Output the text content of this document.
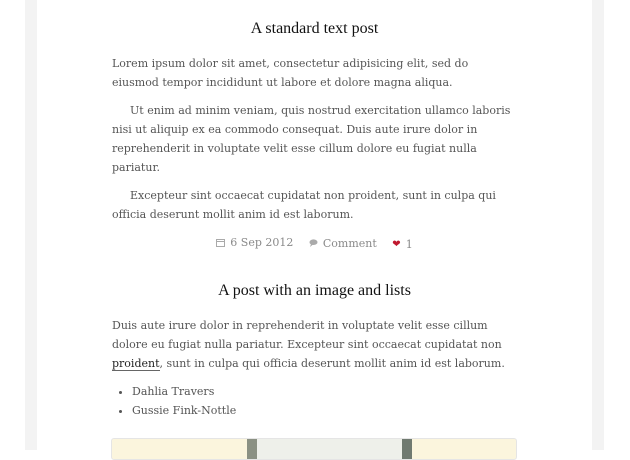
A standard text post

Lorem ipsum dolor sit amet, consectetur adipisicing elit, sed do eiusmod tempor incididunt ut labore et dolore magna aliqua.

Ut enim ad minim veniam, quis nostrud exercitation ullamco laboris nisi ut aliquip ex ea commodo consequat. Duis aute irure dolor in reprehenderit in voluptate velit esse cillum dolore eu fugiat nulla pariatur.

Excepteur sint occaecat cupidatat non proident, sunt in culpa qui officia deserunt mollit anim id est laborum.

6 Sep 2012
	Comment
❤ 1
A post with an image and lists

Duis aute irure dolor in reprehenderit in voluptate velit esse cillum dolore eu fugiat nulla pariatur. Excepteur sint occaecat cupidatat non proident, sunt in culpa qui officia deserunt mollit anim id est laborum.

• Dahlia Travers
• Gussie Fink-Nottle
